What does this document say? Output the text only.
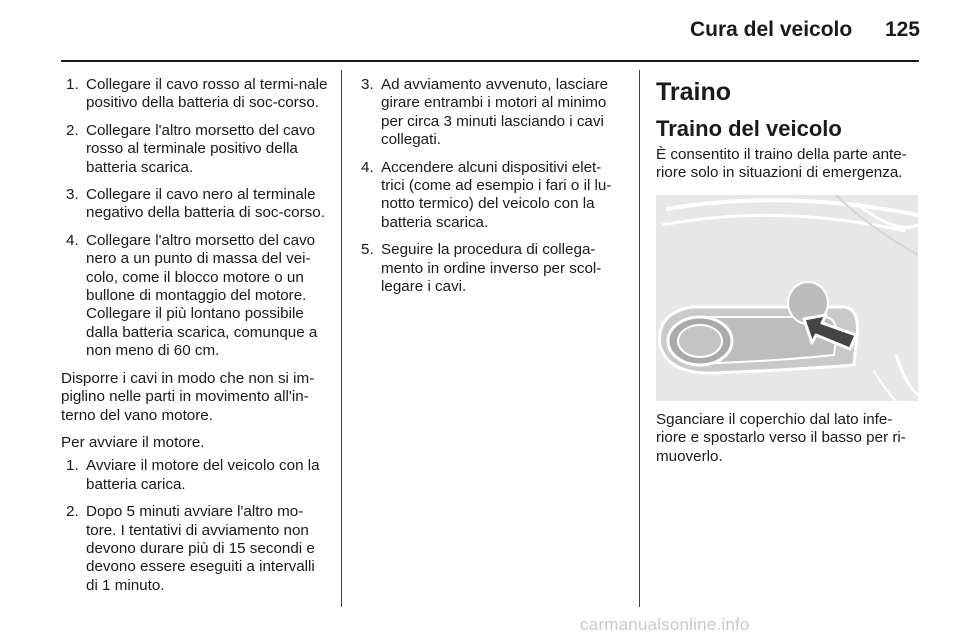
Cura del veicolo	125
1. Collegare il cavo rosso al termi-nale positivo della batteria di soc-corso.
2. Collegare l'altro morsetto del cavo rosso al terminale positivo della batteria scarica.
3. Collegare il cavo nero al terminale negativo della batteria di soc-corso.
4. Collegare l'altro morsetto del cavo nero a un punto di massa del vei-colo, come il blocco motore o un bullone di montaggio del motore. Collegare il più lontano possibile dalla batteria scarica, comunque a non meno di 60 cm.

Disporre i cavi in modo che non si im-piglino nelle parti in movimento all'in-terno del vano motore.

Per avviare il motore.

1. Avviare il motore del veicolo con la batteria carica.
2. Dopo 5 minuti avviare l'altro mo-tore. I tentativi di avviamento non devono durare più di 15 secondi e devono essere eseguiti a intervalli di 1 minuto.
3. Ad avviamento avvenuto, lasciare girare entrambi i motori al minimo per circa 3 minuti lasciando i cavi collegati.
4. Accendere alcuni dispositivi elet-trici (come ad esempio i fari o il lu-notto termico) del veicolo con la batteria scarica.
5. Seguire la procedura di collega-mento in ordine inverso per scol-legare i cavi.
Traino
Traino del veicolo

È consentito il traino della parte ante-riore solo in situazioni di emergenza.

Sganciare il coperchio dal lato infe-riore e spostarlo verso il basso per ri-muoverlo.

carmanualsonline.info
